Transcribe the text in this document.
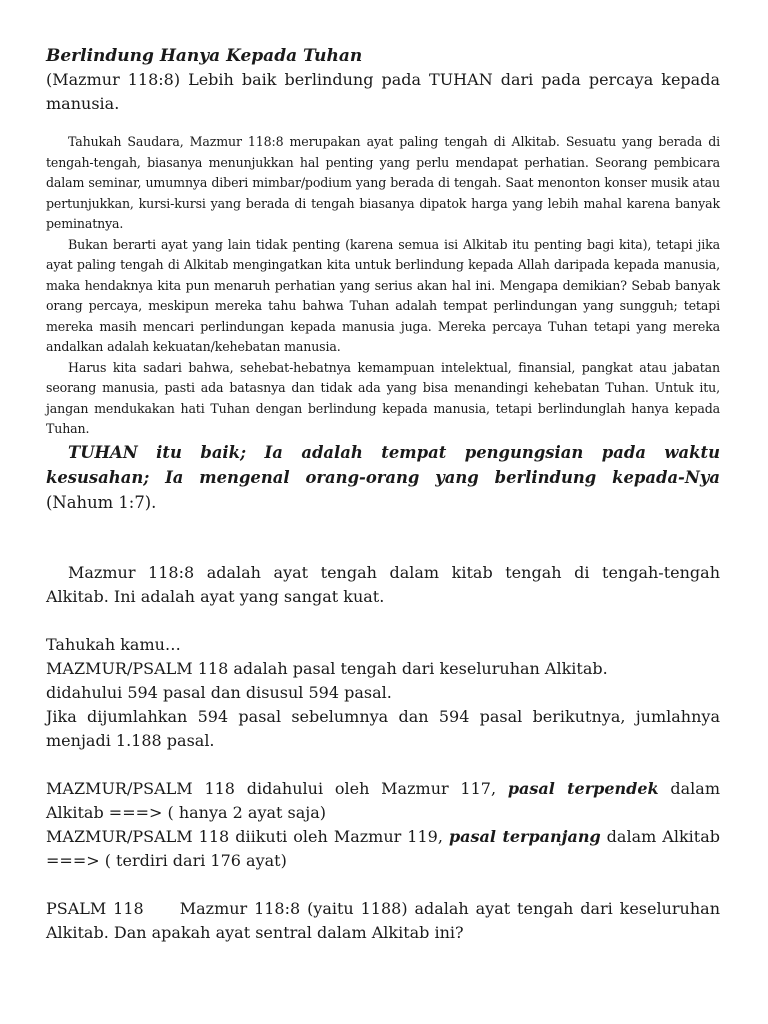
Berlindung Hanya Kepada Tuhan

(Mazmur 118:8) Lebih baik berlindung pada TUHAN dari pada percaya kepada manusia.

Tahukah Saudara, Mazmur 118:8 merupakan ayat paling tengah di Alkitab. Sesuatu yang berada di tengah-tengah, biasanya menunjukkan hal penting yang perlu mendapat perhatian. Seorang pembicara dalam seminar, umumnya diberi mimbar/podium yang berada di tengah. Saat menonton konser musik atau pertunjukkan, kursi-kursi yang berada di tengah biasanya dipatok harga yang lebih mahal karena banyak peminatnya.

Bukan berarti ayat yang lain tidak penting (karena semua isi Alkitab itu penting bagi kita), tetapi jika ayat paling tengah di Alkitab mengingatkan kita untuk berlindung kepada Allah daripada kepada manusia, maka hendaknya kita pun menaruh perhatian yang serius akan hal ini. Mengapa demikian? Sebab banyak orang percaya, meskipun mereka tahu bahwa Tuhan adalah tempat perlindungan yang sungguh; tetapi mereka masih mencari perlindungan kepada manusia juga. Mereka percaya Tuhan tetapi yang mereka andalkan adalah kekuatan/kehebatan manusia.

Harus kita sadari bahwa, sehebat-hebatnya kemampuan intelektual, finansial, pangkat atau jabatan seorang manusia, pasti ada batasnya dan tidak ada yang bisa menandingi kehebatan Tuhan. Untuk itu, jangan mendukakan hati Tuhan dengan berlindung kepada manusia, tetapi berlindunglah hanya kepada Tuhan.

TUHAN itu baik; Ia adalah tempat pengungsian pada waktu kesusahan; Ia mengenal orang-orang yang berlindung kepada-Nya (Nahum 1:7).

Mazmur 118:8 adalah ayat tengah dalam kitab tengah di tengah-tengah Alkitab. Ini adalah ayat yang sangat kuat.

Tahukah kamu…

MAZMUR/PSALM 118 adalah pasal tengah dari keseluruhan Alkitab.

didahului 594 pasal dan disusul 594 pasal.

Jika dijumlahkan 594 pasal sebelumnya dan 594 pasal berikutnya, jumlahnya menjadi 1.188 pasal.

MAZMUR/PSALM 118 didahului oleh Mazmur 117, pasal terpendek dalam Alkitab ===> ( hanya 2 ayat saja)

MAZMUR/PSALM 118 diikuti oleh Mazmur 119, pasal terpanjang dalam Alkitab ===> ( terdiri dari 176 ayat)

PSALM 118 Mazmur 118:8 (yaitu 1188) adalah ayat tengah dari keseluruhan Alkitab. Dan apakah ayat sentral dalam Alkitab ini?
